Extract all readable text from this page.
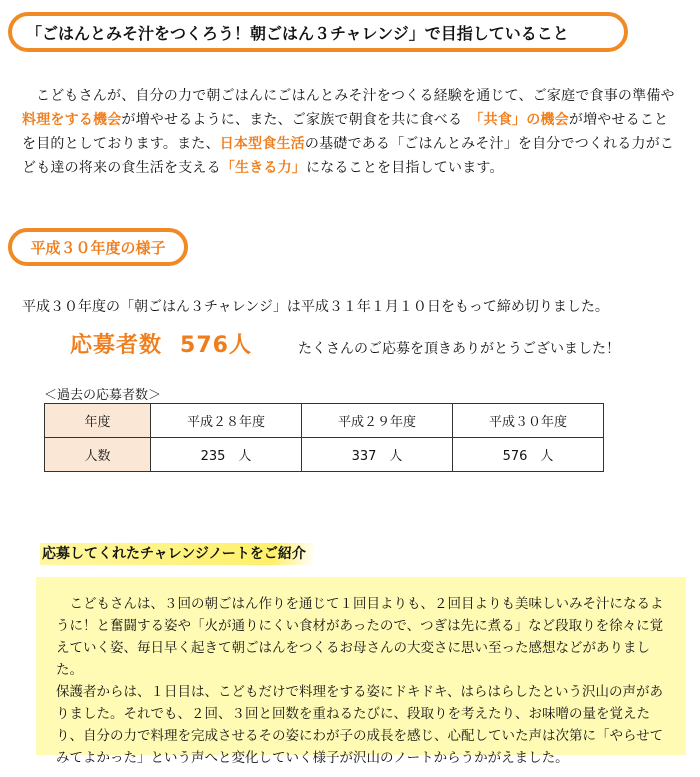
「ごはんとみそ汁をつくろう！朝ごはん３チャレンジ」で目指していること

こどもさんが、自分の力で朝ごはんにごはんとみそ汁をつくる経験を通じて、ご家庭で食事の準備や料理をする機会が増やせるように、また、ご家族で朝食を共に食べる　 「共食」の機会が増やせることを目的としております。また、日本型食生活の基礎である「ごはんとみそ汁」を自分でつくれる力がこども達の将来の食生活を支える「生きる力」になることを目指しています。

平成３０年度の様子
平成３０年度の「朝ごはん３チャレンジ」は平成３１年１月１０日をもって締め切りました。
応募者数 576人	たくさんのご応募を頂きありがとうございました！
＜過去の応募者数＞
年度	平成２８年度	平成２９年度	平成３０年度
人数	235　人	337　人	576　人
応募してくれたチャレンジノートをご紹介

こどもさんは、３回の朝ごはん作りを通じて１回目よりも、２回目よりも美味しいみそ汁になるように！と奮闘する姿や「火が通りにくい食材があったので、つぎは先に煮る」など段取りを徐々に覚えていく姿、毎日早く起きて朝ごはんをつくるお母さんの大変さに思い至った感想などがありました。

保護者からは、１日目は、こどもだけで料理をする姿にドキドキ、はらはらしたという沢山の声がありました。それでも、２回、３回と回数を重ねるたびに、段取りを考えたり、お味噌の量を覚えたり、自分の力で料理を完成させるその姿にわが子の成長を感じ、心配していた声は次第に「やらせてみてよかった」という声へと変化していく様子が沢山のノートからうかがえました。
